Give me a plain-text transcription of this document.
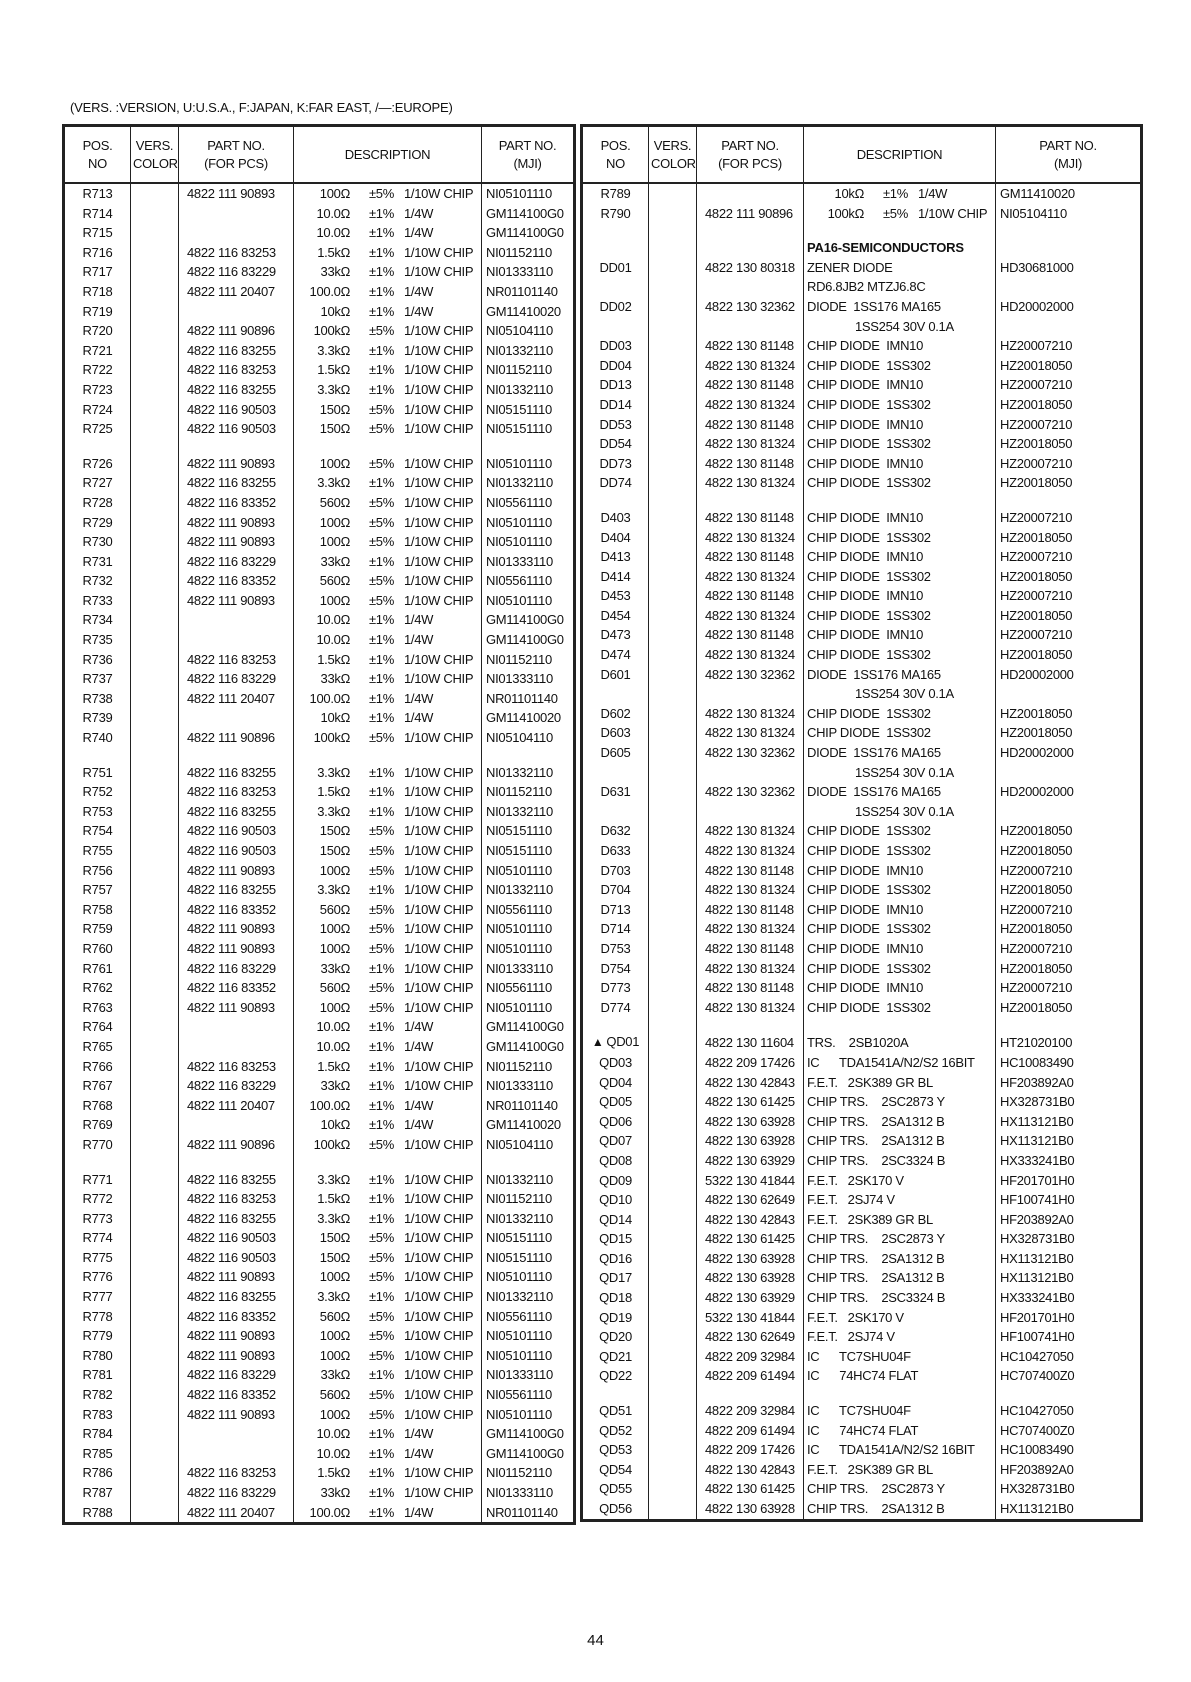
(VERS. :VERSION, U:U.S.A., F:JAPAN, K:FAR EAST, /—:EUROPE)
POS.
NO	VERS.
COLOR	PART NO.
(FOR PCS)	DESCRIPTION	PART NO.
(MJI)
R713		4822 111 90893	100Ω ±5% 1/10W CHIP	NI05101110
R714			10.0Ω ±1% 1/4W	GM114100G0
R715			10.0Ω ±1% 1/4W	GM114100G0
R716		4822 116 83253	1.5kΩ ±1% 1/10W CHIP	NI01152110
R717		4822 116 83229	33kΩ ±1% 1/10W CHIP	NI01333110
R718		4822 111 20407	100.0Ω ±1% 1/4W	NR01101140
R719			10kΩ ±1% 1/4W	GM11410020
R720		4822 111 90896	100kΩ ±5% 1/10W CHIP	NI05104110
R721		4822 116 83255	3.3kΩ ±1% 1/10W CHIP	NI01332110
R722		4822 116 83253	1.5kΩ ±1% 1/10W CHIP	NI01152110
R723		4822 116 83255	3.3kΩ ±1% 1/10W CHIP	NI01332110
R724		4822 116 90503	150Ω ±5% 1/10W CHIP	NI05151110
R725		4822 116 90503	150Ω ±5% 1/10W CHIP	NI05151110

R726		4822 111 90893	100Ω ±5% 1/10W CHIP	NI05101110
R727		4822 116 83255	3.3kΩ ±1% 1/10W CHIP	NI01332110
R728		4822 116 83352	560Ω ±5% 1/10W CHIP	NI05561110
R729		4822 111 90893	100Ω ±5% 1/10W CHIP	NI05101110
R730		4822 111 90893	100Ω ±5% 1/10W CHIP	NI05101110
R731		4822 116 83229	33kΩ ±1% 1/10W CHIP	NI01333110
R732		4822 116 83352	560Ω ±5% 1/10W CHIP	NI05561110
R733		4822 111 90893	100Ω ±5% 1/10W CHIP	NI05101110
R734			10.0Ω ±1% 1/4W	GM114100G0
R735			10.0Ω ±1% 1/4W	GM114100G0
R736		4822 116 83253	1.5kΩ ±1% 1/10W CHIP	NI01152110
R737		4822 116 83229	33kΩ ±1% 1/10W CHIP	NI01333110
R738		4822 111 20407	100.0Ω ±1% 1/4W	NR01101140
R739			10kΩ ±1% 1/4W	GM11410020
R740		4822 111 90896	100kΩ ±5% 1/10W CHIP	NI05104110

R751		4822 116 83255	3.3kΩ ±1% 1/10W CHIP	NI01332110
R752		4822 116 83253	1.5kΩ ±1% 1/10W CHIP	NI01152110
R753		4822 116 83255	3.3kΩ ±1% 1/10W CHIP	NI01332110
R754		4822 116 90503	150Ω ±5% 1/10W CHIP	NI05151110
R755		4822 116 90503	150Ω ±5% 1/10W CHIP	NI05151110
R756		4822 111 90893	100Ω ±5% 1/10W CHIP	NI05101110
R757		4822 116 83255	3.3kΩ ±1% 1/10W CHIP	NI01332110
R758		4822 116 83352	560Ω ±5% 1/10W CHIP	NI05561110
R759		4822 111 90893	100Ω ±5% 1/10W CHIP	NI05101110
R760		4822 111 90893	100Ω ±5% 1/10W CHIP	NI05101110
R761		4822 116 83229	33kΩ ±1% 1/10W CHIP	NI01333110
R762		4822 116 83352	560Ω ±5% 1/10W CHIP	NI05561110
R763		4822 111 90893	100Ω ±5% 1/10W CHIP	NI05101110
R764			10.0Ω ±1% 1/4W	GM114100G0
R765			10.0Ω ±1% 1/4W	GM114100G0
R766		4822 116 83253	1.5kΩ ±1% 1/10W CHIP	NI01152110
R767		4822 116 83229	33kΩ ±1% 1/10W CHIP	NI01333110
R768		4822 111 20407	100.0Ω ±1% 1/4W	NR01101140
R769			10kΩ ±1% 1/4W	GM11410020
R770		4822 111 90896	100kΩ ±5% 1/10W CHIP	NI05104110

R771		4822 116 83255	3.3kΩ ±1% 1/10W CHIP	NI01332110
R772		4822 116 83253	1.5kΩ ±1% 1/10W CHIP	NI01152110
R773		4822 116 83255	3.3kΩ ±1% 1/10W CHIP	NI01332110
R774		4822 116 90503	150Ω ±5% 1/10W CHIP	NI05151110
R775		4822 116 90503	150Ω ±5% 1/10W CHIP	NI05151110
R776		4822 111 90893	100Ω ±5% 1/10W CHIP	NI05101110
R777		4822 116 83255	3.3kΩ ±1% 1/10W CHIP	NI01332110
R778		4822 116 83352	560Ω ±5% 1/10W CHIP	NI05561110
R779		4822 111 90893	100Ω ±5% 1/10W CHIP	NI05101110
R780		4822 111 90893	100Ω ±5% 1/10W CHIP	NI05101110
R781		4822 116 83229	33kΩ ±1% 1/10W CHIP	NI01333110
R782		4822 116 83352	560Ω ±5% 1/10W CHIP	NI05561110
R783		4822 111 90893	100Ω ±5% 1/10W CHIP	NI05101110
R784			10.0Ω ±1% 1/4W	GM114100G0
R785			10.0Ω ±1% 1/4W	GM114100G0
R786		4822 116 83253	1.5kΩ ±1% 1/10W CHIP	NI01152110
R787		4822 116 83229	33kΩ ±1% 1/10W CHIP	NI01333110
R788		4822 111 20407	100.0Ω ±1% 1/4W	NR01101140
POS.
NO	VERS.
COLOR	PART NO.
(FOR PCS)	DESCRIPTION	PART NO.
(MJI)
R789			10kΩ ±1% 1/4W	GM11410020
R790		4822 111 90896	100kΩ ±5% 1/10W CHIP	NI05104110

			PA16-SEMICONDUCTORS	

DD01		4822 130 80318	ZENER DIODE	HD30681000

			RD6.8JB2 MTZJ6.8C	

DD02		4822 130 32362	DIODE  1SS176 MA165	HD20002000

			1SS254 30V 0.1A	

DD03		4822 130 81148	CHIP DIODE  IMN10	HZ20007210
DD04		4822 130 81324	CHIP DIODE  1SS302	HZ20018050
DD13		4822 130 81148	CHIP DIODE  IMN10	HZ20007210
DD14		4822 130 81324	CHIP DIODE  1SS302	HZ20018050
DD53		4822 130 81148	CHIP DIODE  IMN10	HZ20007210
DD54		4822 130 81324	CHIP DIODE  1SS302	HZ20018050
DD73		4822 130 81148	CHIP DIODE  IMN10	HZ20007210
DD74		4822 130 81324	CHIP DIODE  1SS302	HZ20018050

D403		4822 130 81148	CHIP DIODE  IMN10	HZ20007210
D404		4822 130 81324	CHIP DIODE  1SS302	HZ20018050
D413		4822 130 81148	CHIP DIODE  IMN10	HZ20007210
D414		4822 130 81324	CHIP DIODE  1SS302	HZ20018050
D453		4822 130 81148	CHIP DIODE  IMN10	HZ20007210
D454		4822 130 81324	CHIP DIODE  1SS302	HZ20018050
D473		4822 130 81148	CHIP DIODE  IMN10	HZ20007210
D474		4822 130 81324	CHIP DIODE  1SS302	HZ20018050
D601		4822 130 32362	DIODE  1SS176 MA165	HD20002000

			1SS254 30V 0.1A	

D602		4822 130 81324	CHIP DIODE  1SS302	HZ20018050
D603		4822 130 81324	CHIP DIODE  1SS302	HZ20018050
D605		4822 130 32362	DIODE  1SS176 MA165	HD20002000

			1SS254 30V 0.1A	

D631		4822 130 32362	DIODE  1SS176 MA165	HD20002000

			1SS254 30V 0.1A	

D632		4822 130 81324	CHIP DIODE  1SS302	HZ20018050
D633		4822 130 81324	CHIP DIODE  1SS302	HZ20018050
D703		4822 130 81148	CHIP DIODE  IMN10	HZ20007210
D704		4822 130 81324	CHIP DIODE  1SS302	HZ20018050
D713		4822 130 81148	CHIP DIODE  IMN10	HZ20007210
D714		4822 130 81324	CHIP DIODE  1SS302	HZ20018050
D753		4822 130 81148	CHIP DIODE  IMN10	HZ20007210
D754		4822 130 81324	CHIP DIODE  1SS302	HZ20018050
D773		4822 130 81148	CHIP DIODE  IMN10	HZ20007210
D774		4822 130 81324	CHIP DIODE  1SS302	HZ20018050

▲ QD01		4822 130 11604	TRS.    2SB1020A	HT21020100
QD03		4822 209 17426	IC      TDA1541A/N2/S2 16BIT	HC10083490
QD04		4822 130 42843	F.E.T.   2SK389 GR BL	HF203892A0
QD05		4822 130 61425	CHIP TRS.    2SC2873 Y	HX328731B0
QD06		4822 130 63928	CHIP TRS.    2SA1312 B	HX113121B0
QD07		4822 130 63928	CHIP TRS.    2SA1312 B	HX113121B0
QD08		4822 130 63929	CHIP TRS.    2SC3324 B	HX333241B0
QD09		5322 130 41844	F.E.T.   2SK170 V	HF201701H0
QD10		4822 130 62649	F.E.T.   2SJ74 V	HF100741H0
QD14		4822 130 42843	F.E.T.   2SK389 GR BL	HF203892A0
QD15		4822 130 61425	CHIP TRS.    2SC2873 Y	HX328731B0
QD16		4822 130 63928	CHIP TRS.    2SA1312 B	HX113121B0
QD17		4822 130 63928	CHIP TRS.    2SA1312 B	HX113121B0
QD18		4822 130 63929	CHIP TRS.    2SC3324 B	HX333241B0
QD19		5322 130 41844	F.E.T.   2SK170 V	HF201701H0
QD20		4822 130 62649	F.E.T.   2SJ74 V	HF100741H0
QD21		4822 209 32984	IC      TC7SHU04F	HC10427050
QD22		4822 209 61494	IC      74HC74 FLAT	HC707400Z0

QD51		4822 209 32984	IC      TC7SHU04F	HC10427050
QD52		4822 209 61494	IC      74HC74 FLAT	HC707400Z0
QD53		4822 209 17426	IC      TDA1541A/N2/S2 16BIT	HC10083490
QD54		4822 130 42843	F.E.T.   2SK389 GR BL	HF203892A0
QD55		4822 130 61425	CHIP TRS.    2SC2873 Y	HX328731B0
QD56		4822 130 63928	CHIP TRS.    2SA1312 B	HX113121B0
44
